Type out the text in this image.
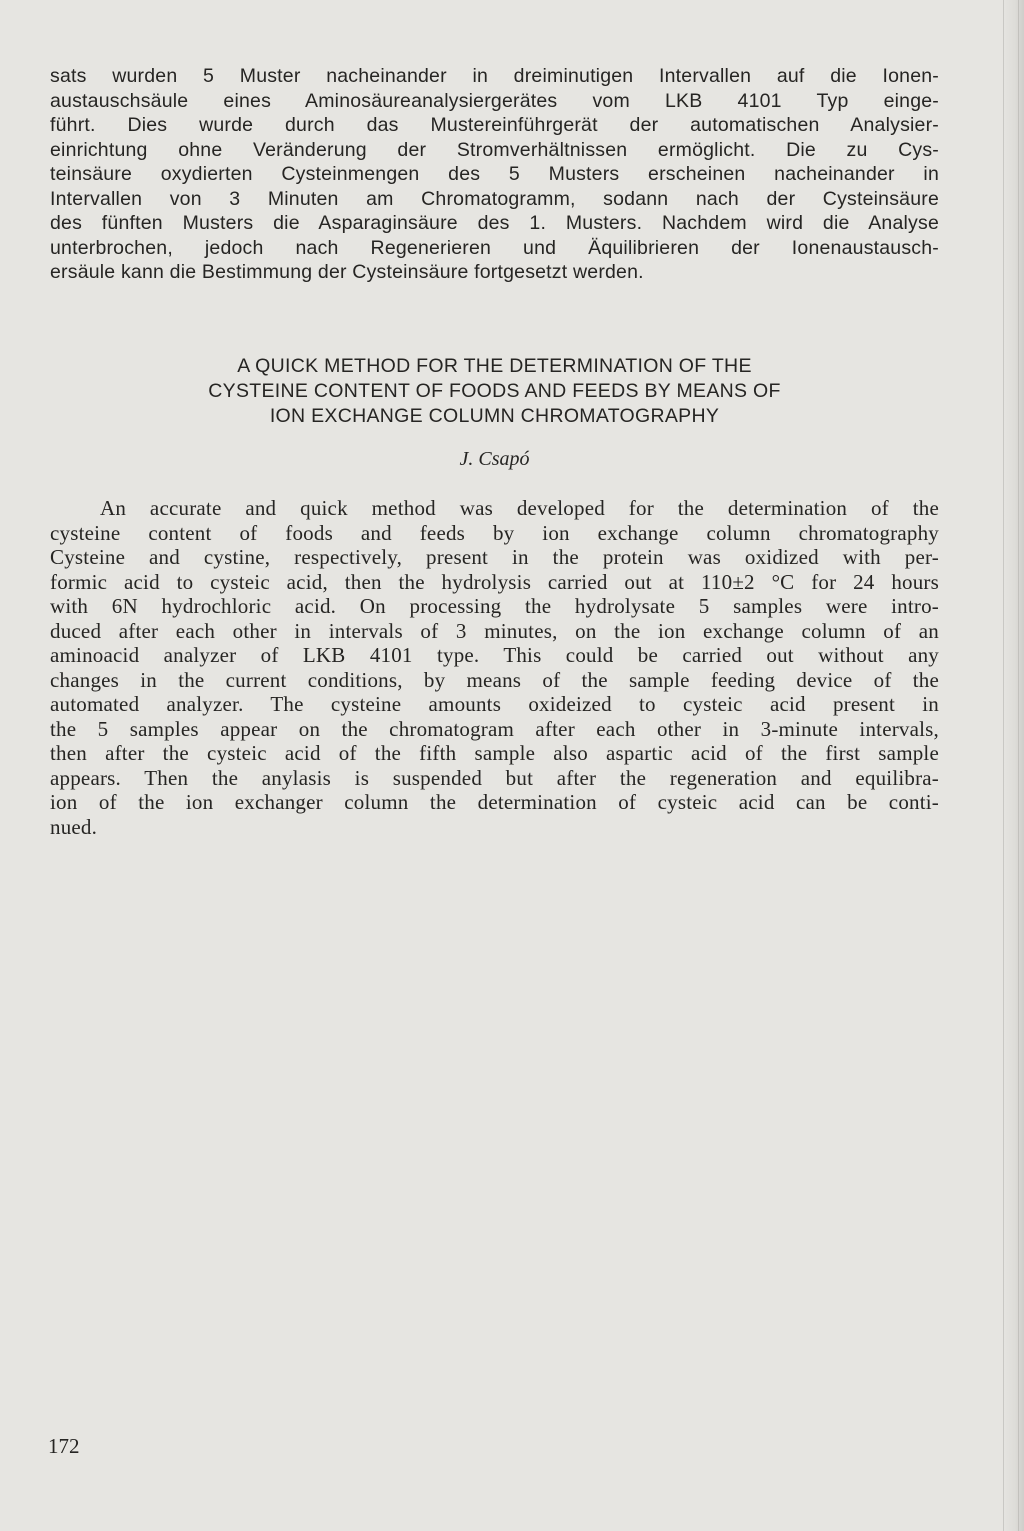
sats wurden 5 Muster nacheinander in dreiminutigen Intervallen auf die Ionen-
austauschsäule eines Aminosäureanalysiergerätes vom LKB 4101 Typ einge-
führt. Dies wurde durch das Mustereinführgerät der automatischen Analysier-
einrichtung ohne Veränderung der Stromverhältnissen ermöglicht. Die zu Cys-
teinsäure oxydierten Cysteinmengen des 5 Musters erscheinen nacheinander in
Intervallen von 3 Minuten am Chromatogramm, sodann nach der Cysteinsäure
des fünften Musters die Asparaginsäure des 1. Musters. Nachdem wird die Analyse
unterbrochen, jedoch nach Regenerieren und Äquilibrieren der Ionenaustausch-
ersäule kann die Bestimmung der Cysteinsäure fortgesetzt werden.
A QUICK METHOD FOR THE DETERMINATION OF THE
CYSTEINE CONTENT OF FOODS AND FEEDS BY MEANS OF
ION EXCHANGE COLUMN CHROMATOGRAPHY
J. Csapó
An accurate and quick method was developed for the determination of the
cysteine content of foods and feeds by ion exchange column chromatography
Cysteine and cystine, respectively, present in the protein was oxidized with per-
formic acid to cysteic acid, then the hydrolysis carried out at 110±2 °C for 24 hours
with 6N hydrochloric acid. On processing the hydrolysate 5 samples were intro-
duced after each other in intervals of 3 minutes, on the ion exchange column of an
aminoacid analyzer of LKB 4101 type. This could be carried out without any
changes in the current conditions, by means of the sample feeding device of the
automated analyzer. The cysteine amounts oxideized to cysteic acid present in
the 5 samples appear on the chromatogram after each other in 3-minute intervals,
then after the cysteic acid of the fifth sample also aspartic acid of the first sample
appears. Then the anylasis is suspended but after the regeneration and equilibra-
ion of the ion exchanger column the determination of cysteic acid can be conti-
nued.
172
